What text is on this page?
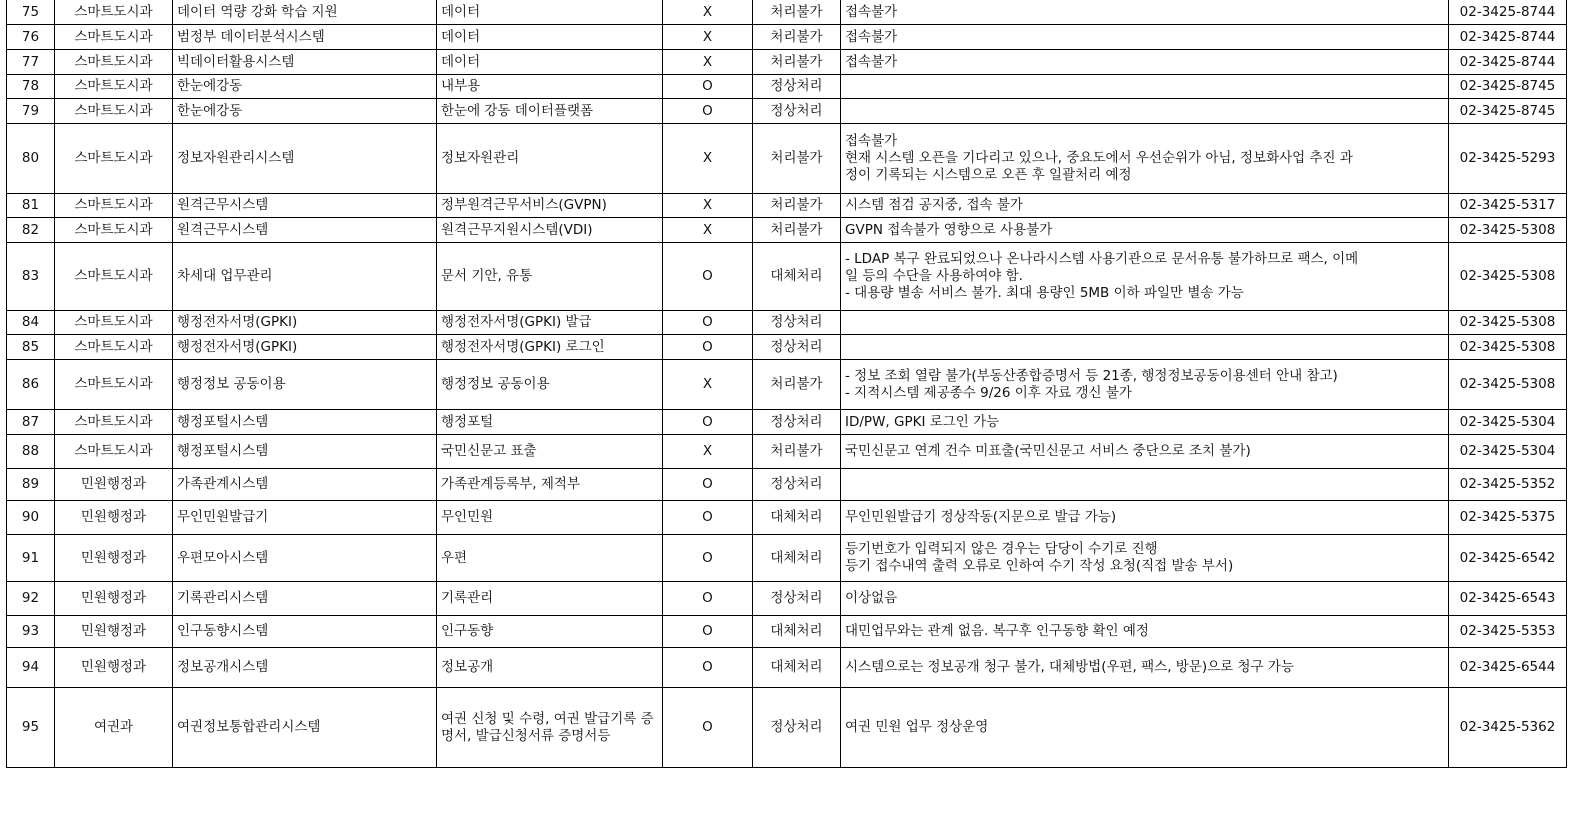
75	스마트도시과	데이터 역량 강화 학습 지원	데이터	X	처리불가	접속불가	02-3425-8744
76	스마트도시과	범정부 데이터분석시스템	데이터	X	처리불가	접속불가	02-3425-8744
77	스마트도시과	빅데이터활용시스템	데이터	X	처리불가	접속불가	02-3425-8744
78	스마트도시과	한눈에강동	내부용	O	정상처리		02-3425-8745
79	스마트도시과	한눈에강동	한눈에 강동 데이터플랫폼	O	정상처리		02-3425-8745
80	스마트도시과	정보자원관리시스템	정보자원관리	X	처리불가	접속불가
현재 시스템 오픈을 기다리고 있으나, 중요도에서 우선순위가 아님, 정보화사업 추진 과
정이 기록되는 시스템으로 오픈 후 일괄처리 예정	02-3425-5293
81	스마트도시과	원격근무시스템	정부원격근무서비스(GVPN)	X	처리불가	시스템 점검 공지중, 접속 불가	02-3425-5317
82	스마트도시과	원격근무시스템	원격근무지원시스템(VDI)	X	처리불가	GVPN 접속불가 영향으로 사용불가	02-3425-5308
83	스마트도시과	차세대 업무관리	문서 기안, 유통	O	대체처리	- LDAP 복구 완료되었으나 온나라시스템 사용기관으로 문서유통 불가하므로 팩스, 이메
일 등의 수단을 사용하여야 함.
- 대용량 별송 서비스 불가. 최대 용량인 5MB 이하 파일만 별송 가능	02-3425-5308
84	스마트도시과	행정전자서명(GPKI)	행정전자서명(GPKI) 발급	O	정상처리		02-3425-5308
85	스마트도시과	행정전자서명(GPKI)	행정전자서명(GPKI) 로그인	O	정상처리		02-3425-5308
86	스마트도시과	행정정보 공동이용	행정정보 공동이용	X	처리불가	- 정보 조회 열람 불가(부동산종합증명서 등 21종, 행정정보공동이용센터 안내 참고)
- 지적시스템 제공종수 9/26 이후 자료 갱신 불가	02-3425-5308
87	스마트도시과	행정포털시스템	행정포털	O	정상처리	ID/PW, GPKI 로그인 가능	02-3425-5304
88	스마트도시과	행정포털시스템	국민신문고 표출	X	처리불가	국민신문고 연계 건수 미표출(국민신문고 서비스 중단으로 조치 불가)	02-3425-5304
89	민원행정과	가족관계시스템	가족관계등록부, 제적부	O	정상처리		02-3425-5352
90	민원행정과	무인민원발급기	무인민원	O	대체처리	무인민원발급기 정상작동(지문으로 발급 가능)	02-3425-5375
91	민원행정과	우편모아시스템	우편	O	대체처리	등기번호가 입력되지 않은 경우는 담당이 수기로 진행
등기 접수내역 출력 오류로 인하여 수기 작성 요청(직접 발송 부서)	02-3425-6542
92	민원행정과	기록관리시스템	기록관리	O	정상처리	이상없음	02-3425-6543
93	민원행정과	인구동향시스템	인구동향	O	대체처리	대민업무와는 관계 없음. 복구후 인구동향 확인 예정	02-3425-5353
94	민원행정과	정보공개시스템	정보공개	O	대체처리	시스템으로는 정보공개 청구 불가, 대체방법(우편, 팩스, 방문)으로 청구 가능	02-3425-6544
95	여권과	여권정보통합관리시스템	여권 신청 및 수령, 여권 발급기록 증명서, 발급신청서류 증명서등	O	정상처리	여권 민원 업무 정상운영	02-3425-5362
